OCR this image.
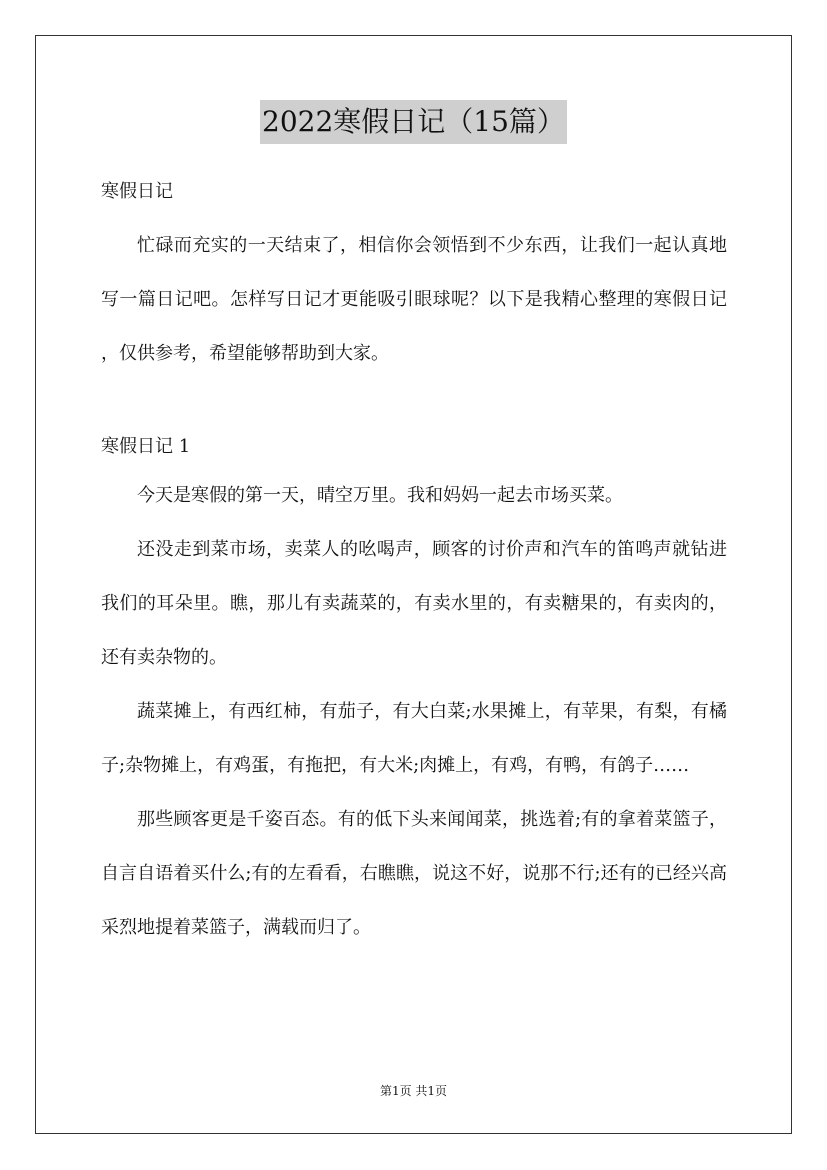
2022寒假日记（15篇）

寒假日记

忙碌而充实的一天结束了，相信你会领悟到不少东西，让我们一起认真地写一篇日记吧。怎样写日记才更能吸引眼球呢？以下是我精心整理的寒假日记 ，仅供参考，希望能够帮助到大家。

寒假日记 1

今天是寒假的第一天，晴空万里。我和妈妈一起去市场买菜。

还没走到菜市场，卖菜人的吆喝声，顾客的讨价声和汽车的笛鸣声就钻进我们的耳朵里。瞧，那儿有卖蔬菜的，有卖水里的，有卖糖果的，有卖肉的，还有卖杂物的。

蔬菜摊上，有西红柿，有茄子，有大白菜;水果摊上，有苹果，有梨，有橘子;杂物摊上，有鸡蛋，有拖把，有大米;肉摊上，有鸡，有鸭，有鸽子……

那些顾客更是千姿百态。有的低下头来闻闻菜，挑选着;有的拿着菜篮子，自言自语着买什么;有的左看看，右瞧瞧，说这不好，说那不行;还有的已经兴高采烈地提着菜篮子，满载而归了。

第1页 共1页
